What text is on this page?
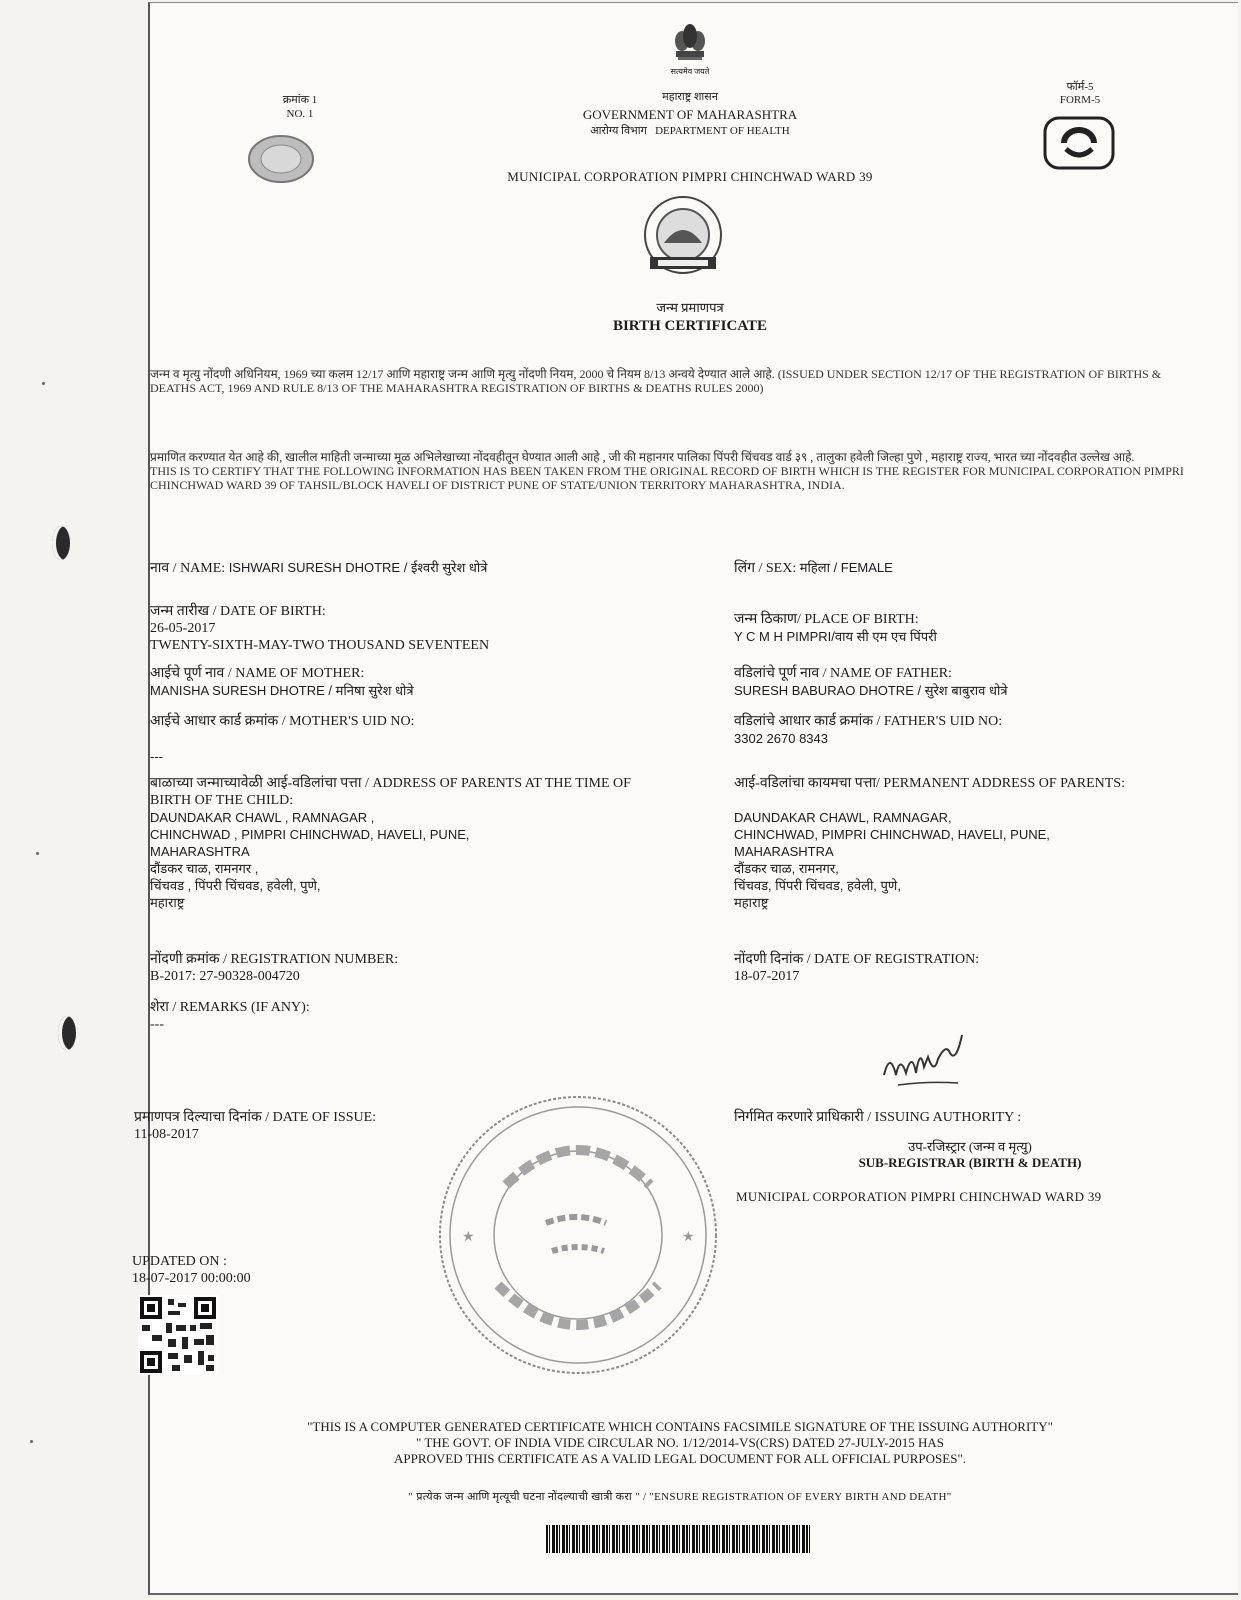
सत्यमेव जयते
क्रमांक 1
NO. 1
महाराष्ट्र शासन
GOVERNMENT OF MAHARASHTRA
आरोग्य विभाग DEPARTMENT OF HEALTH
फॉर्म-5
FORM-5
MUNICIPAL CORPORATION PIMPRI CHINCHWAD WARD 39
जन्म प्रमाणपत्र
BIRTH CERTIFICATE
जन्म व मृत्यु नोंदणी अधिनियम, 1969 च्या कलम 12/17 आणि महाराष्ट्र जन्म आणि मृत्यु नोंदणी नियम, 2000 चे नियम 8/13 अन्वये देण्यात आले आहे. (ISSUED UNDER SECTION 12/17 OF THE REGISTRATION OF BIRTHS & DEATHS ACT, 1969 AND RULE 8/13 OF THE MAHARASHTRA REGISTRATION OF BIRTHS & DEATHS RULES 2000)
प्रमाणित करण्यात येत आहे की, खालील माहिती जन्माच्या मूळ अभिलेखाच्या नोंदवहीतून घेण्यात आली आहे , जी की महानगर पालिका पिंपरी चिंचवड वार्ड ३९ , तालुका हवेली जिल्हा पुणे , महाराष्ट्र राज्य, भारत च्या नोंदवहीत उल्लेख आहे.
THIS IS TO CERTIFY THAT THE FOLLOWING INFORMATION HAS BEEN TAKEN FROM THE ORIGINAL RECORD OF BIRTH WHICH IS THE REGISTER FOR MUNICIPAL CORPORATION PIMPRI CHINCHWAD WARD 39 OF TAHSIL/BLOCK HAVELI OF DISTRICT PUNE OF STATE/UNION TERRITORY MAHARASHTRA, INDIA.
नाव / NAME: ISHWARI SURESH DHOTRE / ईश्वरी सुरेश धोत्रे	लिंग / SEX: महिला / FEMALE
जन्म तारीख / DATE OF BIRTH:
26-05-2017
TWENTY-SIXTH-MAY-TWO THOUSAND SEVENTEEN
जन्म ठिकाण/ PLACE OF BIRTH:
Y C M H PIMPRI/वाय सी एम एच पिंपरी
आईचे पूर्ण नाव / NAME OF MOTHER:
MANISHA SURESH DHOTRE / मनिषा सुरेश धोत्रे
वडिलांचे पूर्ण नाव / NAME OF FATHER:
SURESH BABURAO DHOTRE / सुरेश बाबुराव धोत्रे
आईचे आधार कार्ड क्रमांक / MOTHER'S UID NO:
---
वडिलांचे आधार कार्ड क्रमांक / FATHER'S UID NO:
3302 2670 8343
बाळाच्या जन्माच्यावेळी आई-वडिलांचा पत्ता / ADDRESS OF PARENTS AT THE TIME OF
BIRTH OF THE CHILD:
DAUNDAKAR CHAWL , RAMNAGAR ,
CHINCHWAD , PIMPRI CHINCHWAD, HAVELI, PUNE,
MAHARASHTRA
दौंडकर चाळ, रामनगर ,
चिंचवड , पिंपरी चिंचवड, हवेली, पुणे,
महाराष्ट्र
आई-वडिलांचा कायमचा पत्ता/ PERMANENT ADDRESS OF PARENTS:
DAUNDAKAR CHAWL, RAMNAGAR,
CHINCHWAD, PIMPRI CHINCHWAD, HAVELI, PUNE,
MAHARASHTRA
दौंडकर चाळ, रामनगर,
चिंचवड, पिंपरी चिंचवड, हवेली, पुणे,
महाराष्ट्र
नोंदणी क्रमांक / REGISTRATION NUMBER:
B-2017: 27-90328-004720
नोंदणी दिनांक / DATE OF REGISTRATION:
18-07-2017
शेरा / REMARKS (IF ANY):
---
प्रमाणपत्र दिल्याचा दिनांक / DATE OF ISSUE:
11-08-2017
निर्गमित करणारे प्राधिकारी / ISSUING AUTHORITY :
उप-रजिस्ट्रार (जन्म व मृत्यु)
SUB-REGISTRAR (BIRTH & DEATH)
MUNICIPAL CORPORATION PIMPRI CHINCHWAD WARD 39
★	★
UPDATED ON :
18-07-2017 00:00:00
"THIS IS A COMPUTER GENERATED CERTIFICATE WHICH CONTAINS FACSIMILE SIGNATURE OF THE ISSUING AUTHORITY"
" THE GOVT. OF INDIA VIDE CIRCULAR NO. 1/12/2014-VS(CRS) DATED 27-JULY-2015 HAS
APPROVED THIS CERTIFICATE AS A VALID LEGAL DOCUMENT FOR ALL OFFICIAL PURPOSES".
" प्रत्येक जन्म आणि मृत्यूची घटना नोंदल्याची खात्री करा " / "ENSURE REGISTRATION OF EVERY BIRTH AND DEATH"
